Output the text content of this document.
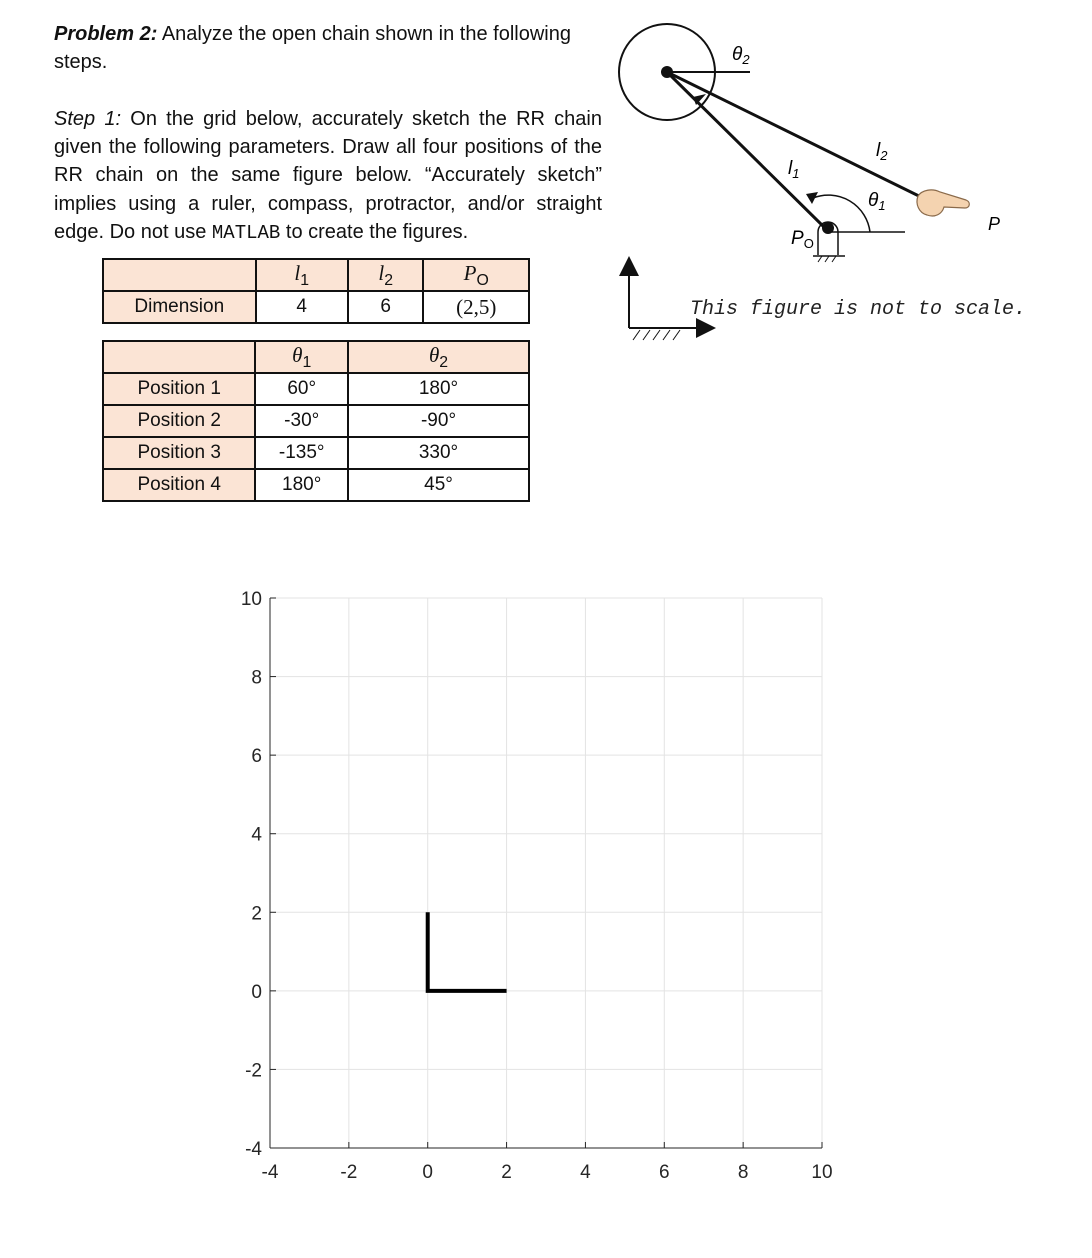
Problem 2: Analyze the open chain shown in the following steps.
Step 1: On the grid below, accurately sketch the RR chain given the following parameters. Draw all four positions of the RR chain on the same figure below. “Accurately sketch” implies using a ruler, compass, protractor, and/or straight edge. Do not use MATLAB to create the figures.
	$l_1$	$l_2$	$P_O$
Dimension	4	6	(2,5)
	$\theta_1$	$\theta_2$
Position 1	60°	180°
Position 2	-30°	-90°
Position 3	-135°	330°
Position 4	180°	45°
$\theta_2$
$l_1$
$l_2$
$\theta_1$
$P_O$
P
This figure is not to scale.
-4	-2	0	2	4	6	8	10
-4
-2
0
2
4
6
8
10
